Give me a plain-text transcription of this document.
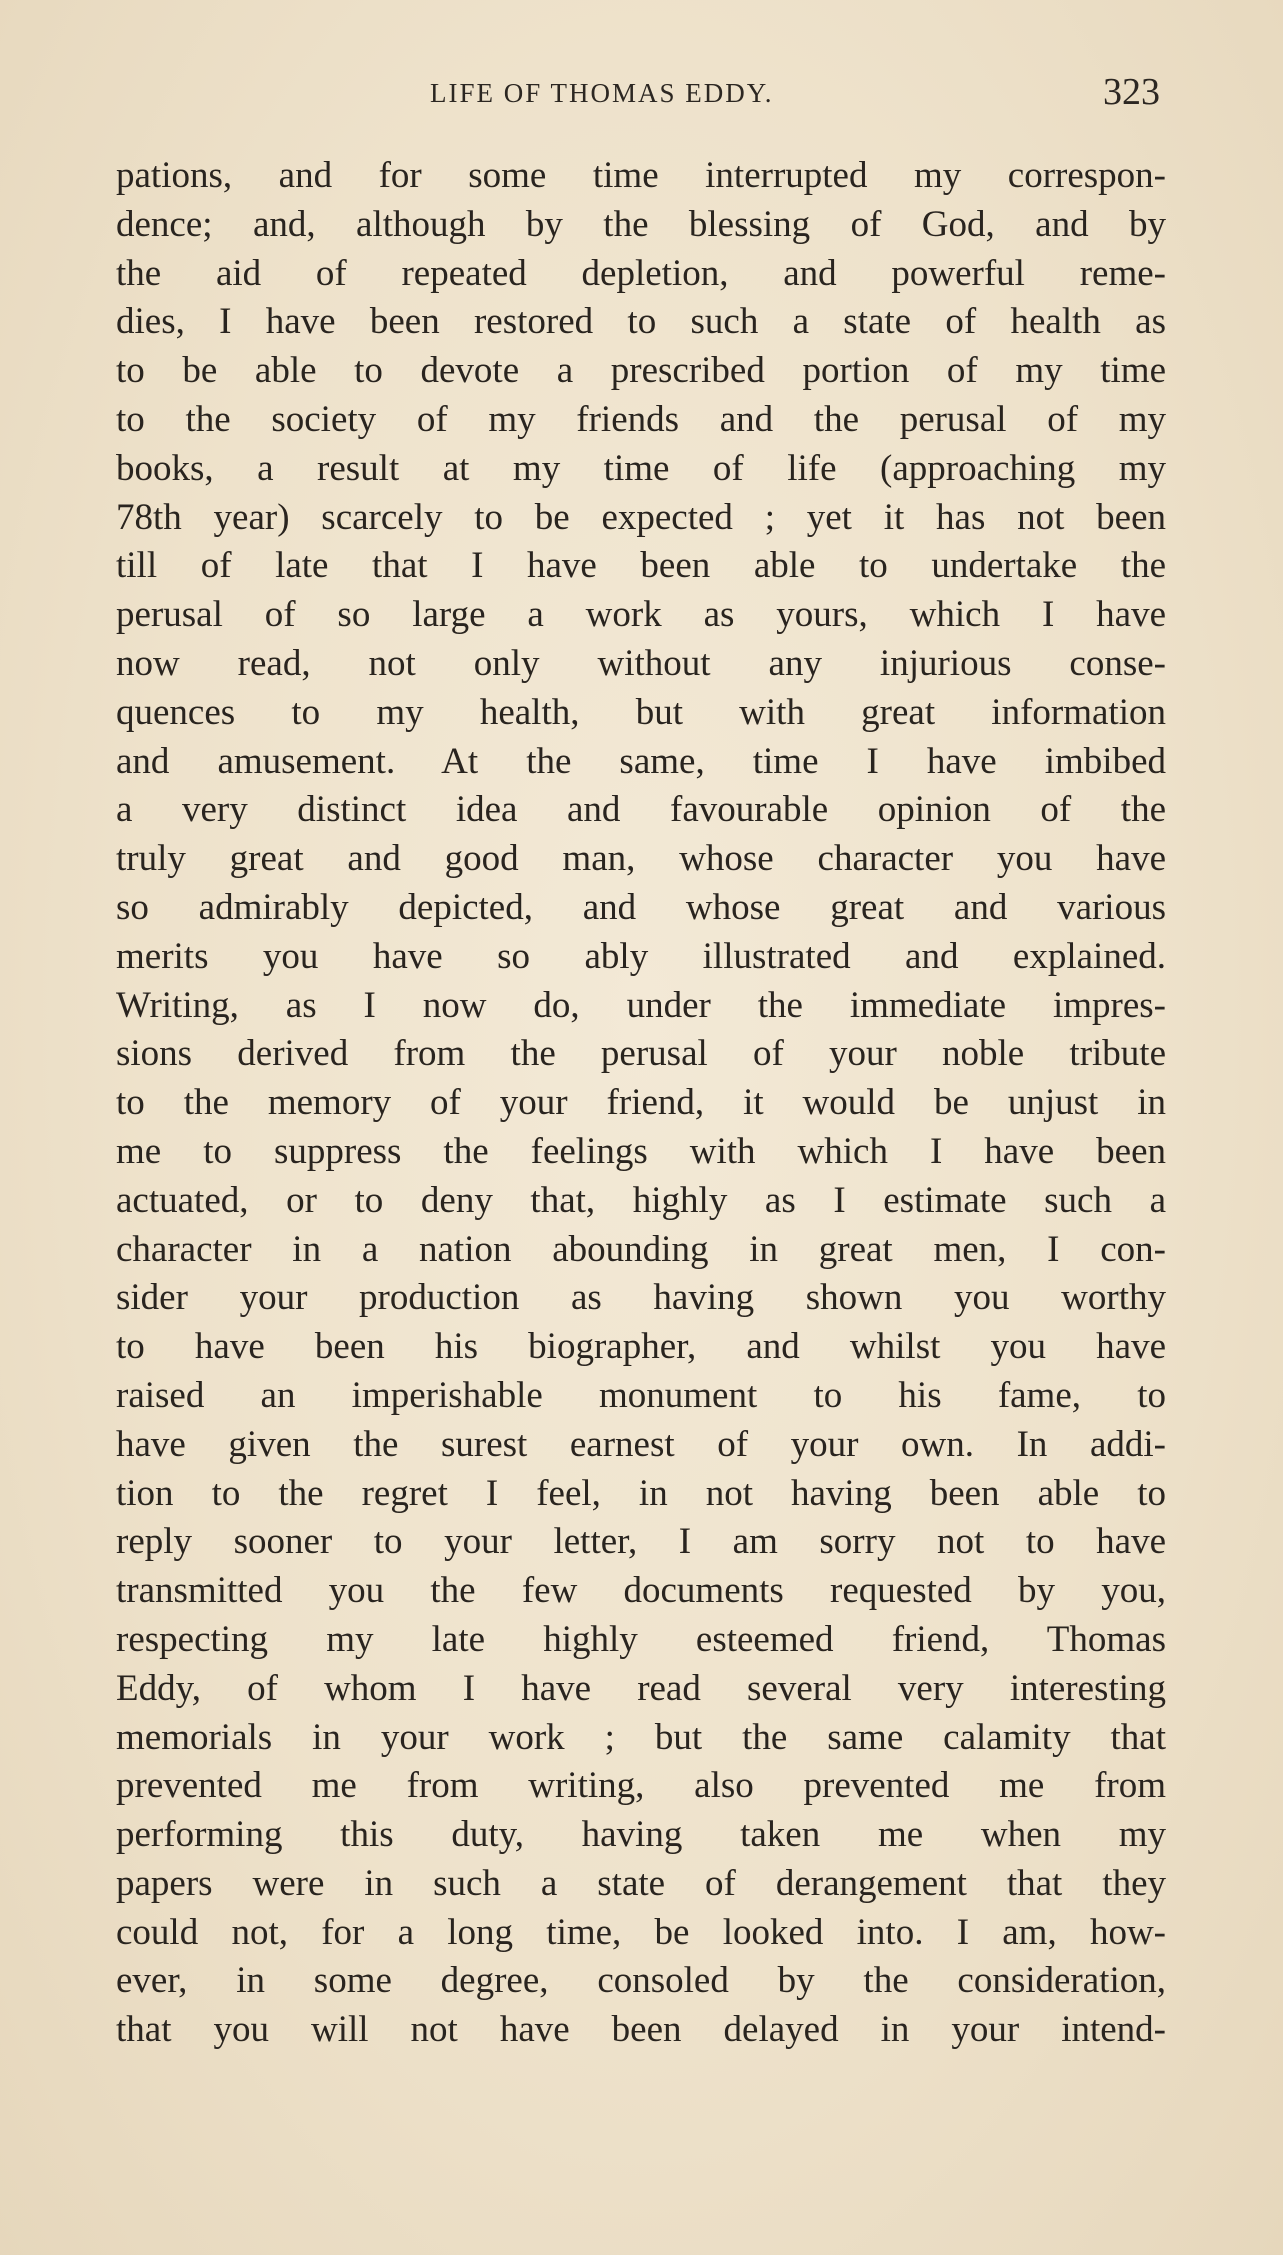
LIFE OF THOMAS EDDY.	323
pations, and for some time interrupted my correspon-
dence; and, although by the blessing of God, and by
the aid of repeated depletion, and powerful reme-
dies, I have been restored to such a state of health as
to be able to devote a prescribed portion of my time
to the society of my friends and the perusal of my
books, a result at my time of life (approaching my
78th year) scarcely to be expected ; yet it has not been
till of late that I have been able to undertake the
perusal of so large a work as yours, which I have
now read, not only without any injurious conse-
quences to my health, but with great information
and amusement. At the same, time I have imbibed
a very distinct idea and favourable opinion of the
truly great and good man, whose character you have
so admirably depicted, and whose great and various
merits you have so ably illustrated and explained.
Writing, as I now do, under the immediate impres-
sions derived from the perusal of your noble tribute
to the memory of your friend, it would be unjust in
me to suppress the feelings with which I have been
actuated, or to deny that, highly as I estimate such a
character in a nation abounding in great men, I con-
sider your production as having shown you worthy
to have been his biographer, and whilst you have
raised an imperishable monument to his fame, to
have given the surest earnest of your own. In addi-
tion to the regret I feel, in not having been able to
reply sooner to your letter, I am sorry not to have
transmitted you the few documents requested by you,
respecting my late highly esteemed friend, Thomas
Eddy, of whom I have read several very interesting
memorials in your work ; but the same calamity that
prevented me from writing, also prevented me from
performing this duty, having taken me when my
papers were in such a state of derangement that they
could not, for a long time, be looked into. I am, how-
ever, in some degree, consoled by the consideration,
that you will not have been delayed in your intend-
